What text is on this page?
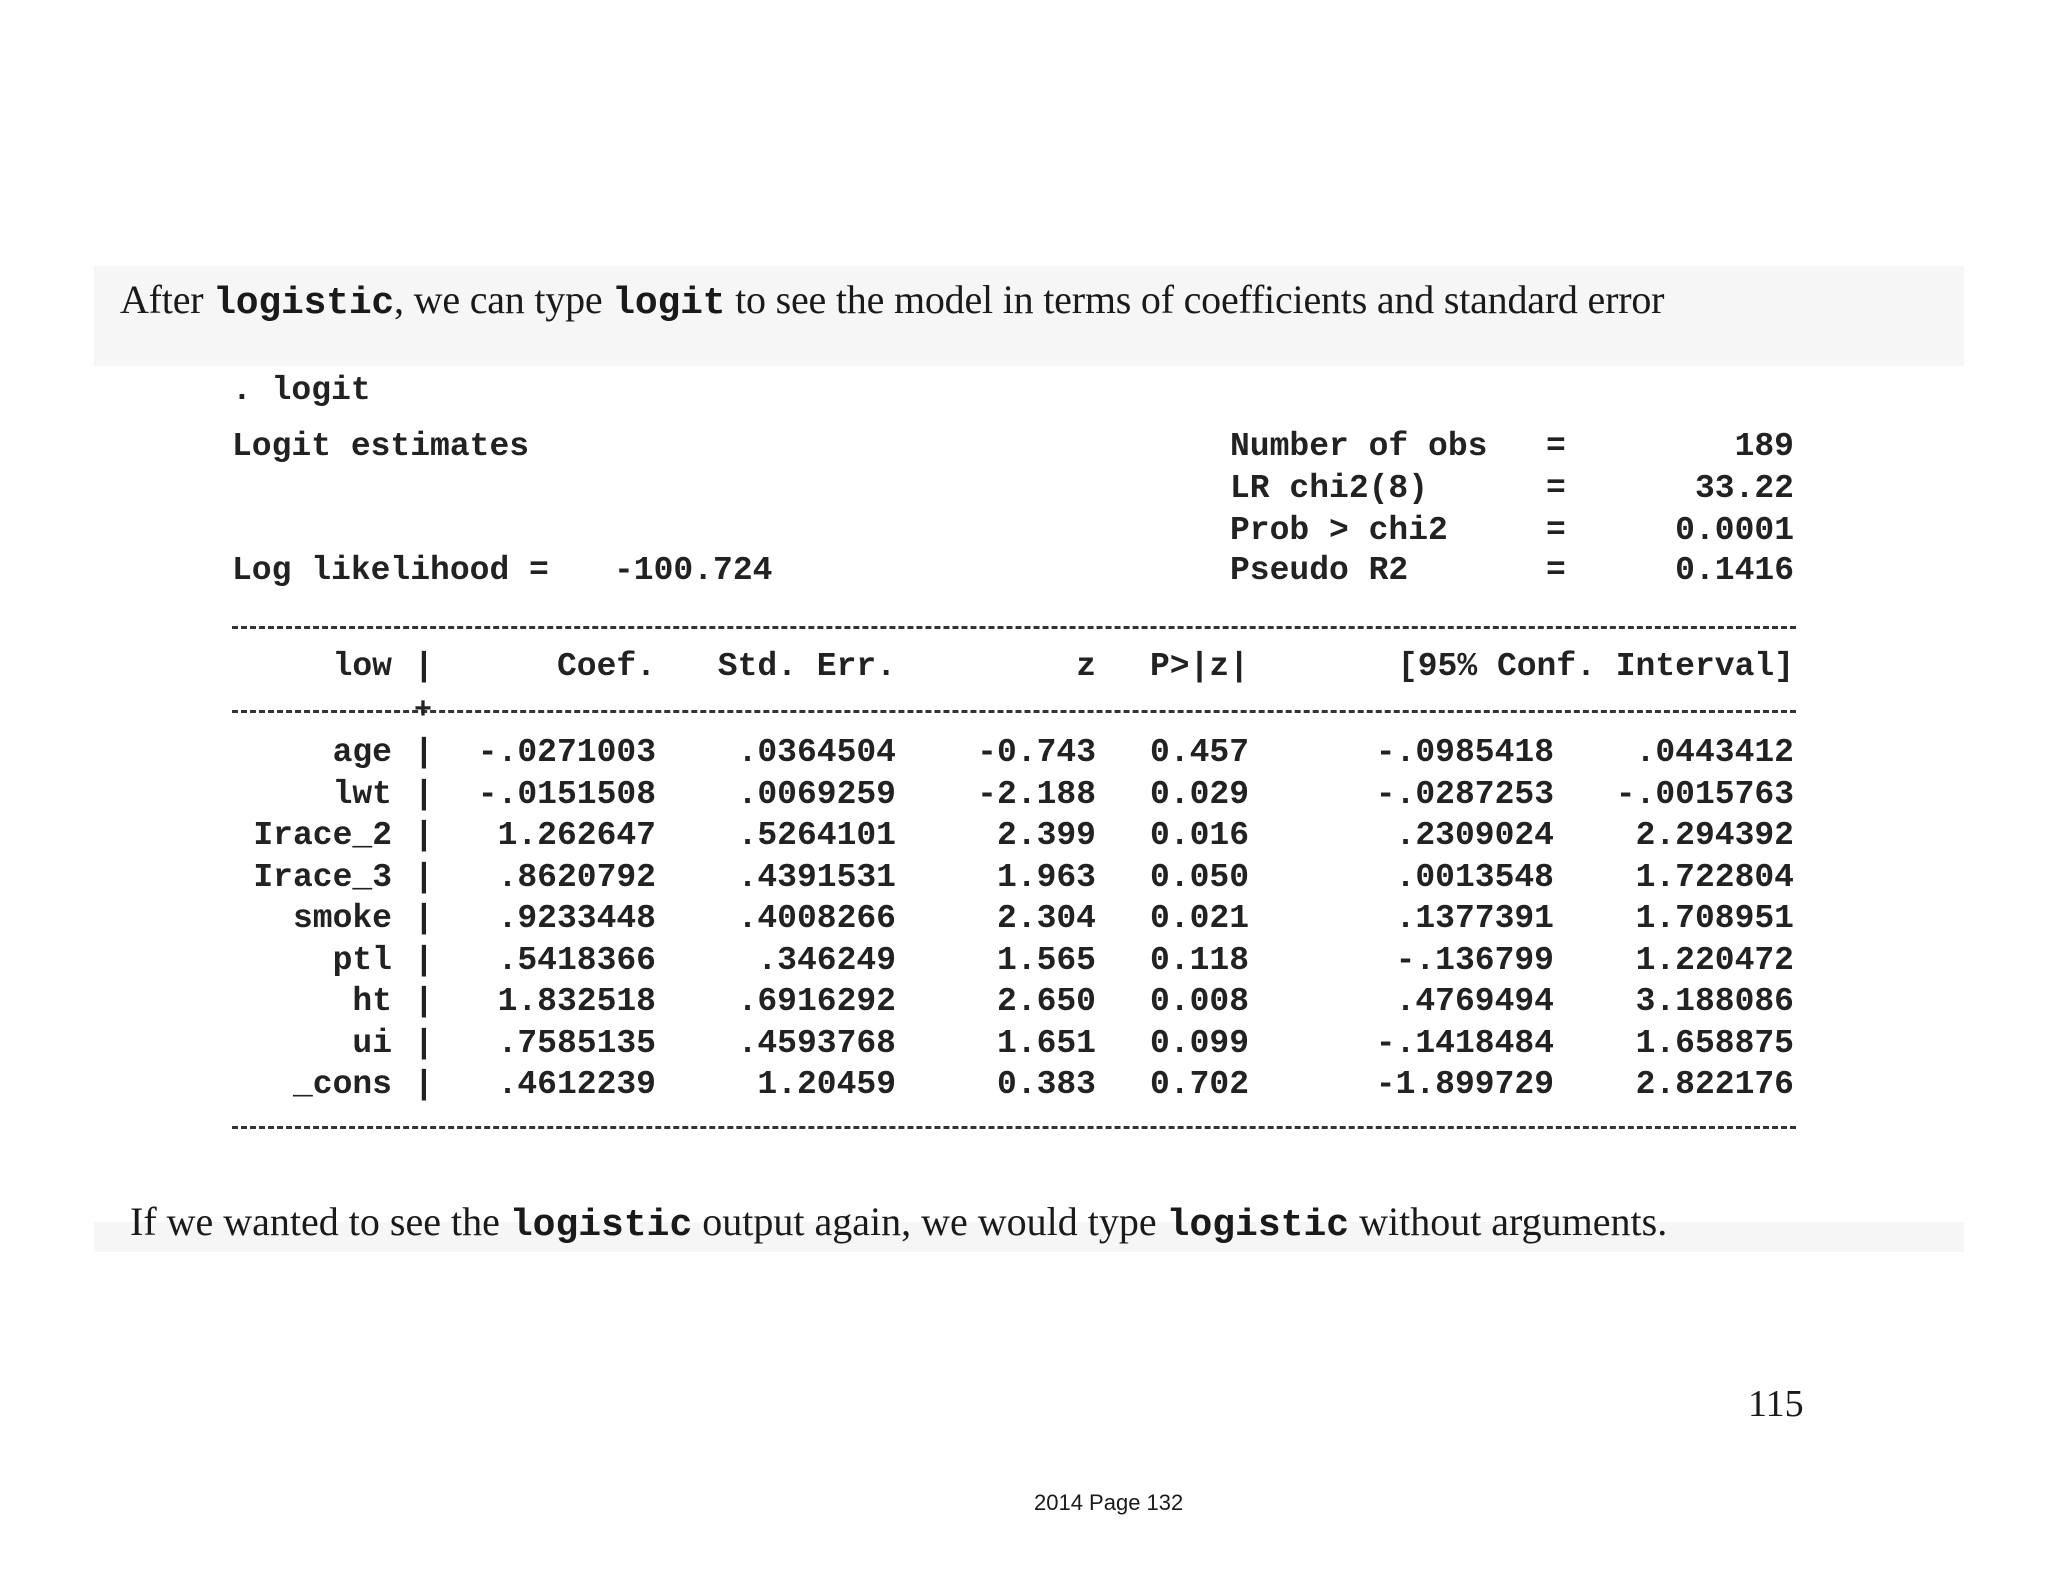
After logistic, we can type logit to see the model in terms of coefficients and standard error
. logit
Logit estimates
Log likelihood = -100.724
Number of obs =	189
LR chi2(8)	=	33.22
Prob > chi2	=	0.0001
Pseudo R2	=	0.1416
+
low |	Coef.	Std. Err.	z P>|z|	[95% Conf. Interval]
age | -.0271003	.0364504	-0.743 0.457	-.0985418	.0443412
lwt | -.0151508	.0069259	-2.188 0.029	-.0287253	-.0015763
Irace_2 |	1.262647	.5264101	2.399 0.016	.2309024	2.294392
Irace_3 |	.8620792	.4391531	1.963 0.050	.0013548	1.722804
smoke |	.9233448	.4008266	2.304 0.021	.1377391	1.708951
ptl |	.5418366	.346249	1.565 0.118	-.136799	1.220472
ht |	1.832518	.6916292	2.650 0.008	.4769494	3.188086
ui |	.7585135	.4593768	1.651 0.099	-.1418484	1.658875
_cons |	.4612239	1.20459	0.383 0.702	-1.899729	2.822176
If we wanted to see the logistic output again, we would type logistic without arguments.
115
2014 Page 132
